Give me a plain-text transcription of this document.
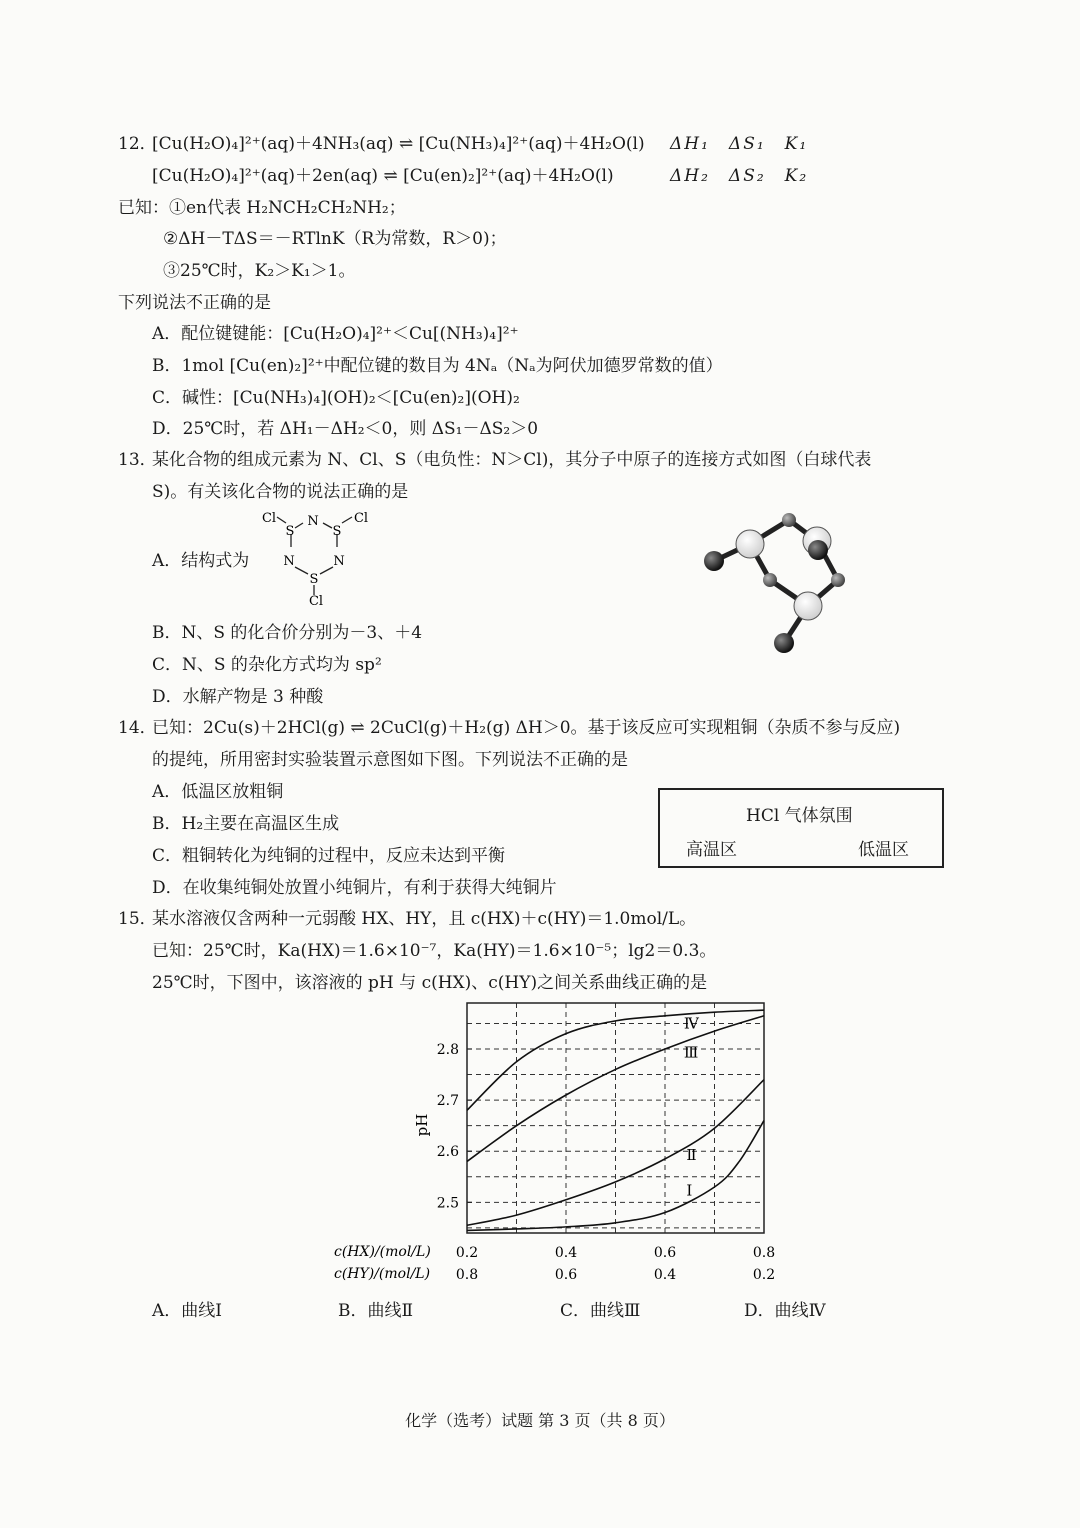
12．
[Cu(H₂O)₄]²⁺(aq)＋4NH₃(aq) ⇌ [Cu(NH₃)₄]²⁺(aq)＋4H₂O(l) ΔH₁　ΔS₁　K₁
[Cu(H₂O)₄]²⁺(aq)＋2en(aq) ⇌ [Cu(en)₂]²⁺(aq)＋4H₂O(l)	ΔH₂　ΔS₂　K₂
已知：①en代表 H₂NCH₂CH₂NH₂；
②ΔH－TΔS＝－RTlnK（R为常数，R＞0)；
③25℃时，K₂＞K₁＞1。
下列说法不正确的是
A．配位键键能：[Cu(H₂O)₄]²⁺＜Cu[(NH₃)₄]²⁺
B．1mol [Cu(en)₂]²⁺中配位键的数目为 4Nₐ（Nₐ为阿伏加德罗常数的值）
C．碱性：[Cu(NH₃)₄](OH)₂＜[Cu(en)₂](OH)₂
D．25℃时，若 ΔH₁－ΔH₂＜0，则 ΔS₁－ΔS₂＞0
13．
某化合物的组成元素为 N、Cl、S（电负性：N＞Cl)，其分子中原子的连接方式如图（白球代表
S)。有关该化合物的说法正确的是
A．结构式为
N
S	S
N	N
S
Cl	Cl
Cl
B．N、S 的化合价分别为－3、＋4
C．N、S 的杂化方式均为 sp²
D．水解产物是 3 种酸
14．
已知：2Cu(s)＋2HCl(g) ⇌ 2CuCl(g)＋H₂(g) ΔH＞0。基于该反应可实现粗铜（杂质不参与反应)
的提纯，所用密封实验装置示意图如下图。下列说法不正确的是
A．低温区放粗铜
B．H₂主要在高温区生成
C．粗铜转化为纯铜的过程中，反应未达到平衡
D．在收集纯铜处放置小纯铜片，有利于获得大纯铜片
HCl 气体氛围
高温区	低温区
15．
某水溶液仅含两种一元弱酸 HX、HY，且 c(HX)＋c(HY)＝1.0mol/L。
已知：25℃时，Ka(HX)＝1.6×10⁻⁷，Ka(HY)＝1.6×10⁻⁵；lg2＝0.3。
25℃时，下图中，该溶液的 pH 与 c(HX)、c(HY)之间关系曲线正确的是
Ⅰ
Ⅱ
Ⅲ
Ⅳ
2.5
2.6
2.7
2.8
0.2
0.8
0.4
0.6
0.6
0.4
0.8
0.2
pH
c(HX)/(mol/L)
c(HY)/(mol/L)
A．曲线Ⅰ	B．曲线Ⅱ	C．曲线Ⅲ	D．曲线Ⅳ
化学（选考）试题 第 3 页（共 8 页）
